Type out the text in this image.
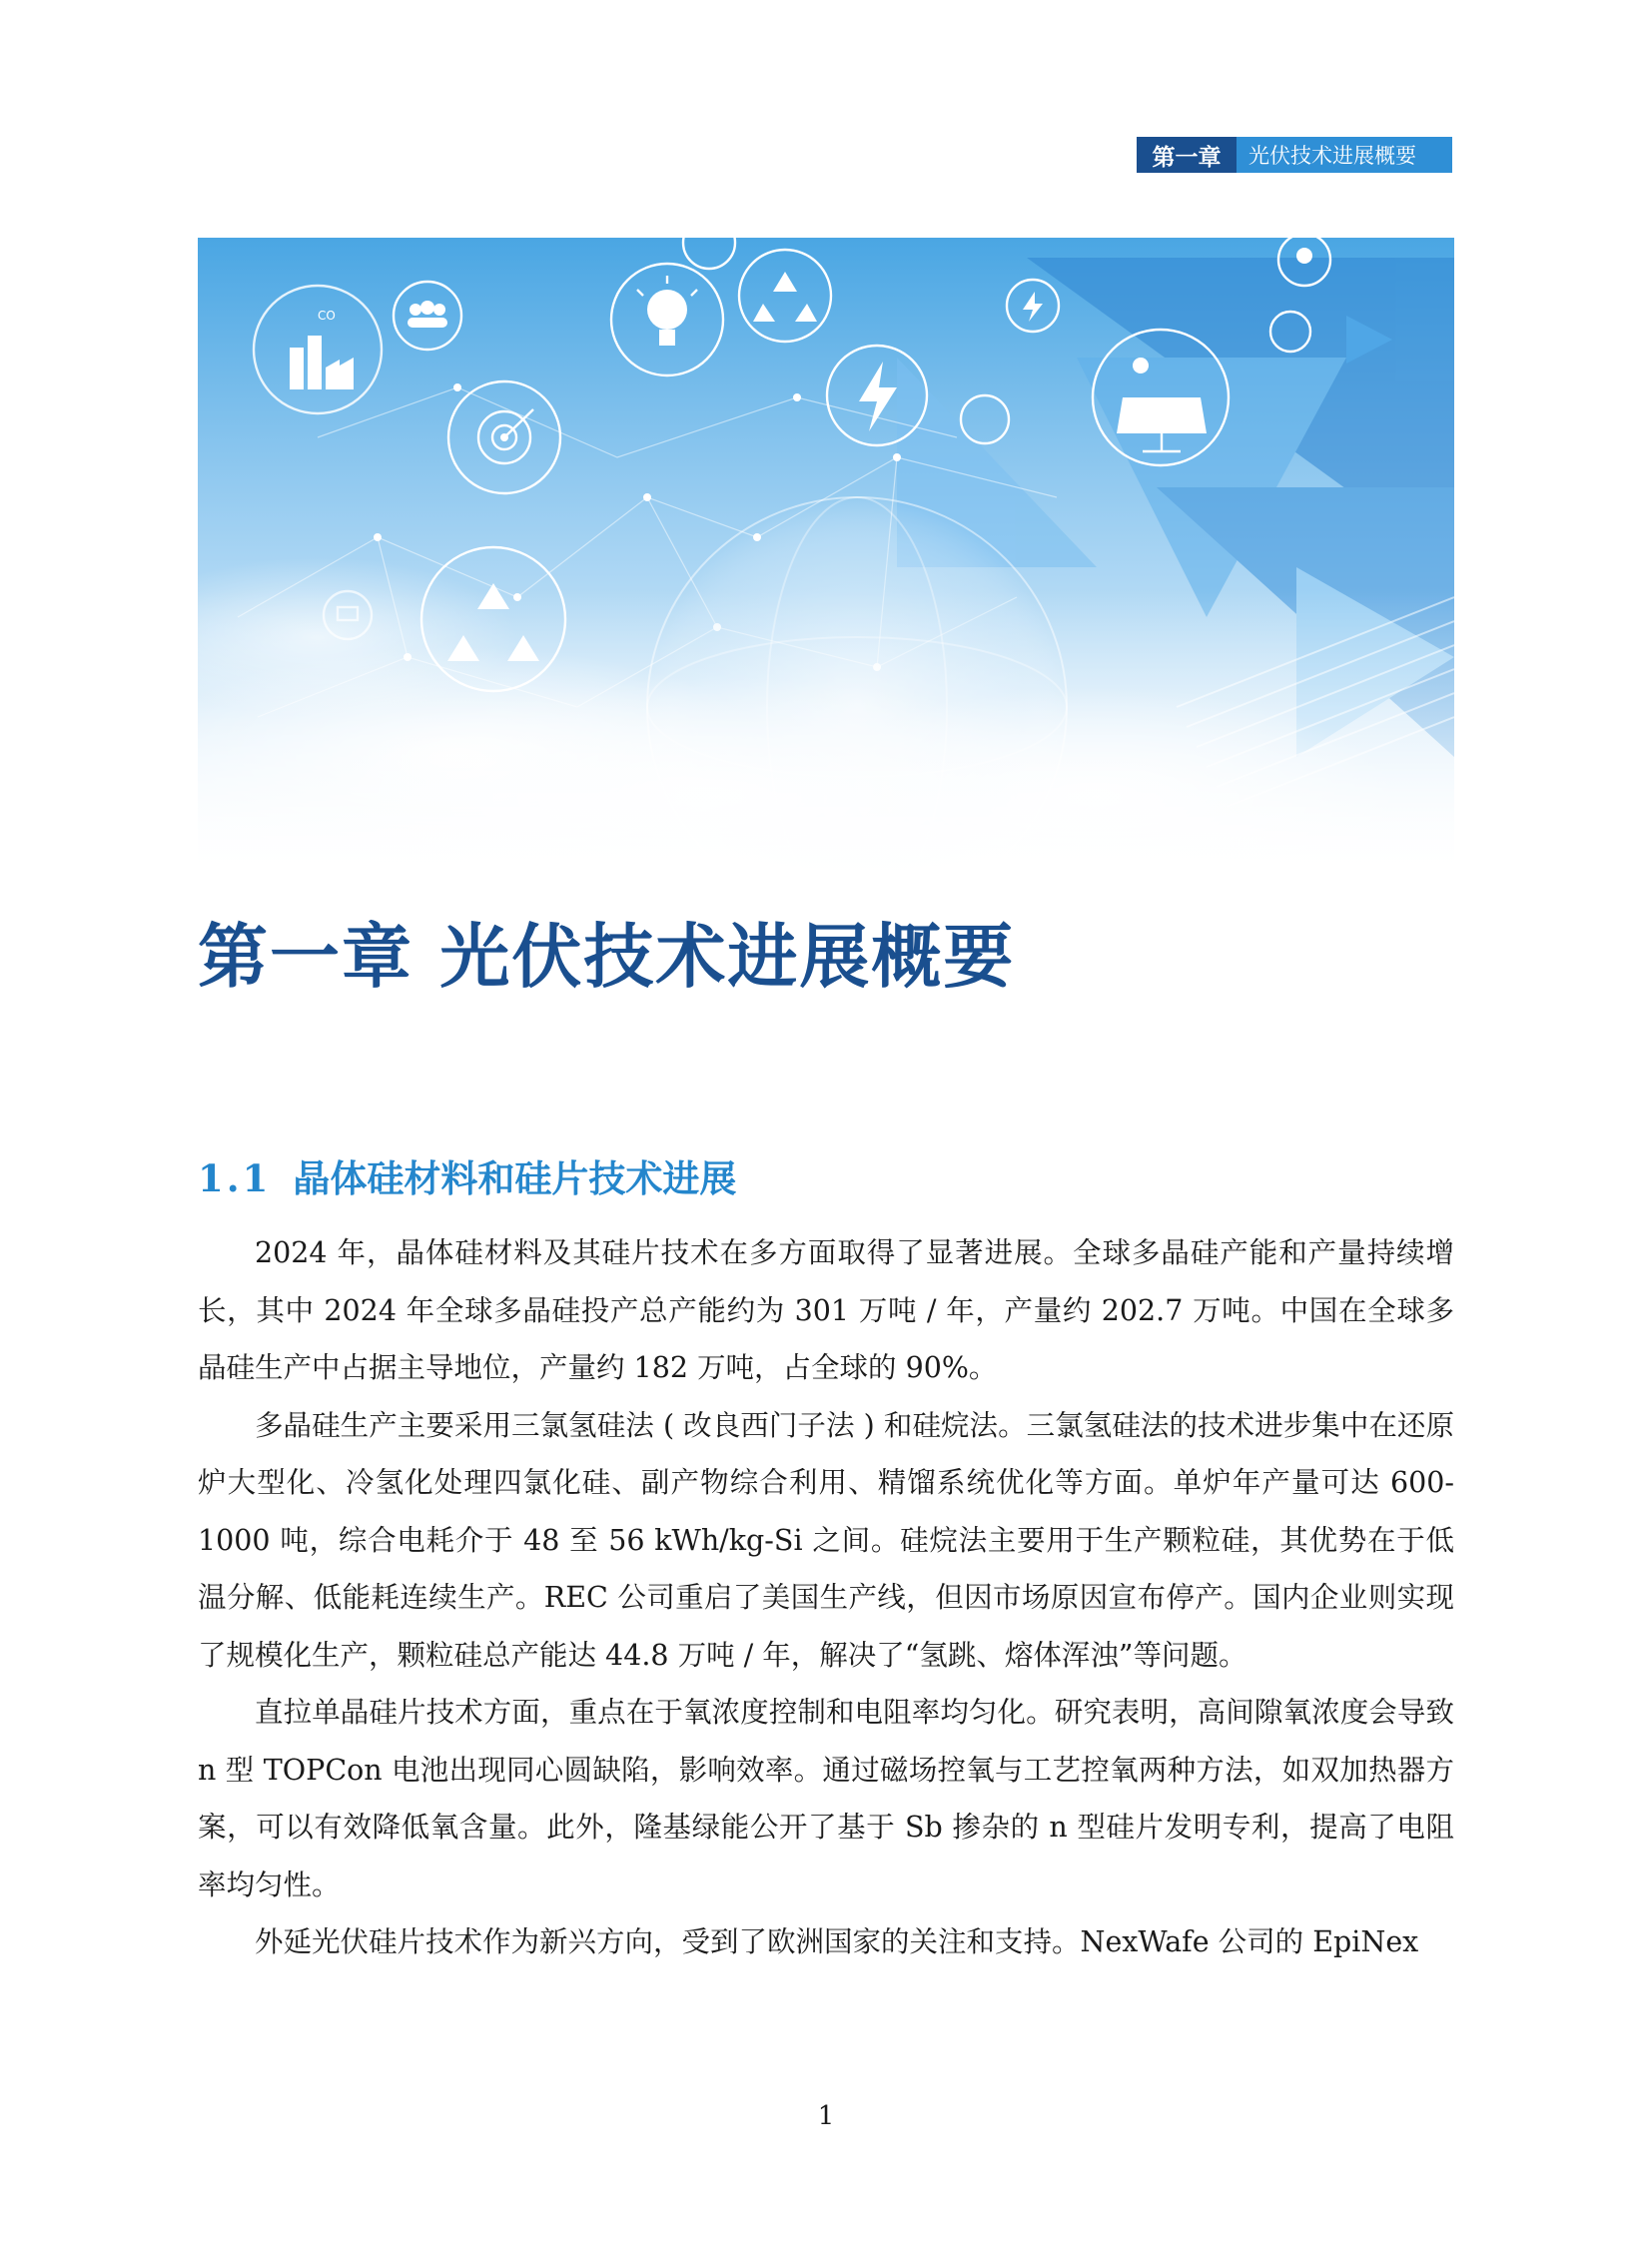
第一章	光伏技术进展概要
第一章 光伏技术进展概要
1.1 晶体硅材料和硅片技术进展

2024 年，晶体硅材料及其硅片技术在多方面取得了显著进展。全球多晶硅产能和产量持续增长，其中 2024 年全球多晶硅投产总产能约为 301 万吨 / 年，产量约 202.7 万吨。中国在全球多晶硅生产中占据主导地位，产量约 182 万吨，占全球的 90%。

多晶硅生产主要采用三氯氢硅法 ( 改良西门子法 ) 和硅烷法。三氯氢硅法的技术进步集中在还原炉大型化、冷氢化处理四氯化硅、副产物综合利用、精馏系统优化等方面。单炉年产量可达 600-1000 吨，综合电耗介于 48 至 56 kWh/kg-Si 之间。硅烷法主要用于生产颗粒硅，其优势在于低温分解、低能耗连续生产。REC 公司重启了美国生产线，但因市场原因宣布停产。国内企业则实现了规模化生产，颗粒硅总产能达 44.8 万吨 / 年，解决了“氢跳、熔体浑浊”等问题。

直拉单晶硅片技术方面，重点在于氧浓度控制和电阻率均匀化。研究表明，高间隙氧浓度会导致 n 型 TOPCon 电池出现同心圆缺陷，影响效率。通过磁场控氧与工艺控氧两种方法，如双加热器方案，可以有效降低氧含量。此外，隆基绿能公开了基于 Sb 掺杂的 n 型硅片发明专利，提高了电阻率均匀性。

外延光伏硅片技术作为新兴方向，受到了欧洲国家的关注和支持。NexWafe 公司的 EpiNex

1
